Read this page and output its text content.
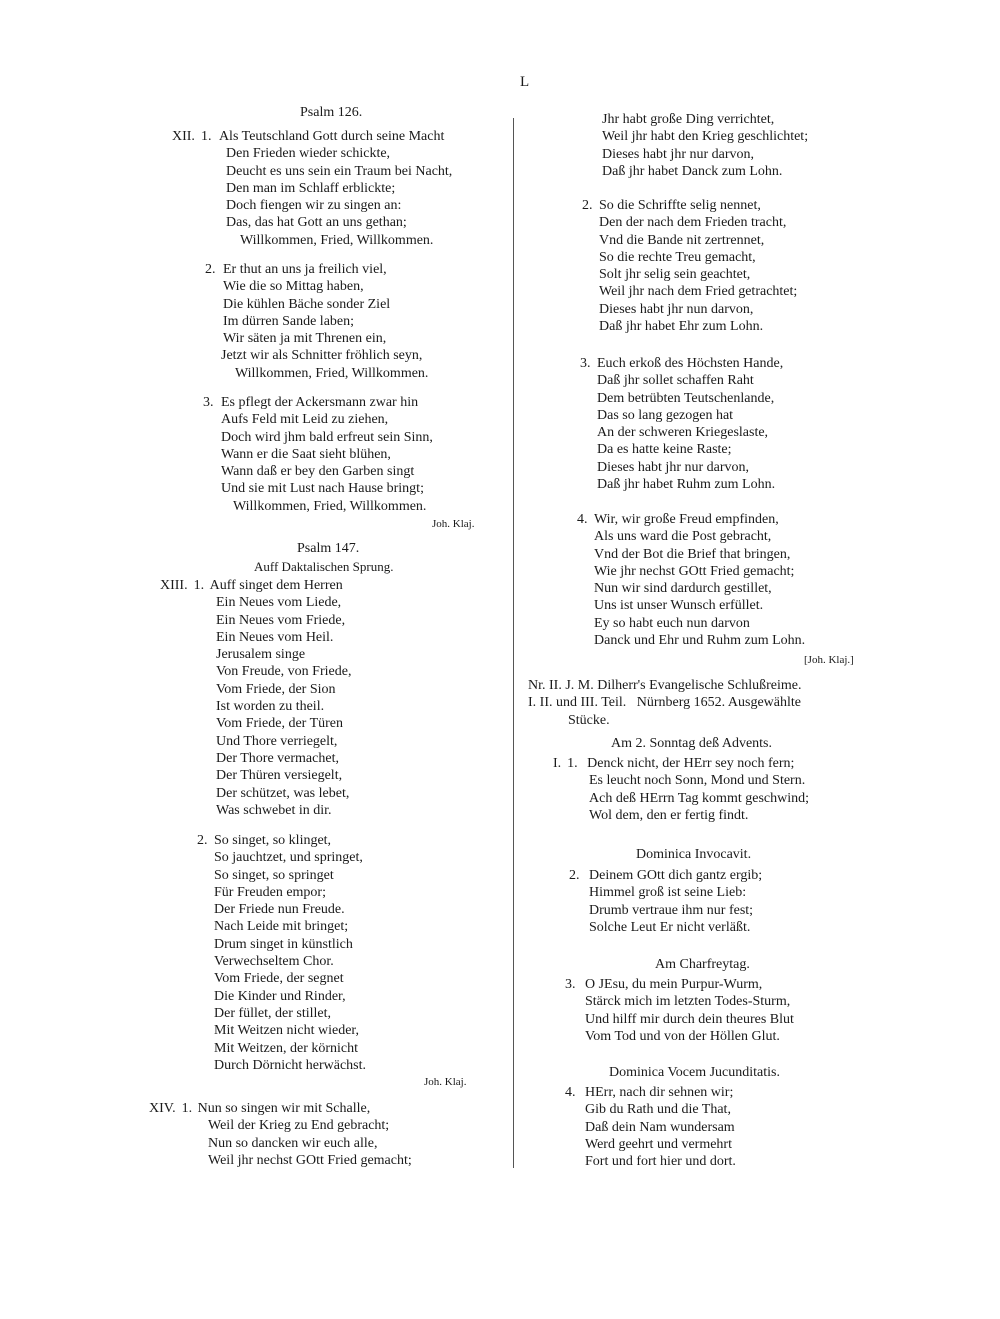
L
Psalm 126.
XII. 1. Als Teutschland Gott durch seine Macht
Den Frieden wieder schickte,
Deucht es uns sein ein Traum bei Nacht,
Den man im Schlaff erblickte;
Doch fiengen wir zu singen an:
Das, das hat Gott an uns gethan;
Willkommen, Fried, Willkommen.
2. Er thut an uns ja freilich viel,
Wie die so Mittag haben,
Die kühlen Bäche sonder Ziel
Im dürren Sande laben;
Wir säten ja mit Threnen ein,
Jetzt wir als Schnitter fröhlich seyn,
Willkommen, Fried, Willkommen.
3. Es pflegt der Ackersmann zwar hin
Aufs Feld mit Leid zu ziehen,
Doch wird jhm bald erfreut sein Sinn,
Wann er die Saat sieht blühen,
Wann daß er bey den Garben singt
Und sie mit Lust nach Hause bringt;
Willkommen, Fried, Willkommen.
Joh. Klaj.
Psalm 147.
Auff Daktalischen Sprung.
XIII. 1. Auff singet dem Herren
Ein Neues vom Liede,
Ein Neues vom Friede,
Ein Neues vom Heil.
Jerusalem singe
Von Freude, von Friede,
Vom Friede, der Sion
Ist worden zu theil.
Vom Friede, der Türen
Und Thore verriegelt,
Der Thore vermachet,
Der Thüren versiegelt,
Der schützet, was lebet,
Was schwebet in dir.
2. So singet, so klinget,
So jauchtzet, und springet,
So singet, so springet
Für Freuden empor;
Der Friede nun Freude.
Nach Leide mit bringet;
Drum singet in künstlich
Verwechseltem Chor.
Vom Friede, der segnet
Die Kinder und Rinder,
Der füllet, der stillet,
Mit Weitzen nicht wieder,
Mit Weitzen, der körnicht
Durch Dörnicht herwächst.
Joh. Klaj.
XIV. 1. Nun so singen wir mit Schalle,
Weil der Krieg zu End gebracht;
Nun so dancken wir euch alle,
Weil jhr nechst GOtt Fried gemacht;
Jhr habt große Ding verrichtet,
Weil jhr habt den Krieg geschlichtet;
Dieses habt jhr nur darvon,
Daß jhr habet Danck zum Lohn.
2. So die Schriffte selig nennet,
Den der nach dem Frieden tracht,
Vnd die Bande nit zertrennet,
So die rechte Treu gemacht,
Solt jhr selig sein geachtet,
Weil jhr nach dem Fried getrachtet;
Dieses habt jhr nun darvon,
Daß jhr habet Ehr zum Lohn.
3. Euch erkoß des Höchsten Hande,
Daß jhr sollet schaffen Raht
Dem betrübten Teutschenlande,
Das so lang gezogen hat
An der schweren Kriegeslaste,
Da es hatte keine Raste;
Dieses habt jhr nur darvon,
Daß jhr habet Ruhm zum Lohn.
4. Wir, wir große Freud empfinden,
Als uns ward die Post gebracht,
Vnd der Bot die Brief that bringen,
Wie jhr nechst GOtt Fried gemacht;
Nun wir sind dardurch gestillet,
Uns ist unser Wunsch erfüllet.
Ey so habt euch nun darvon
Danck und Ehr und Ruhm zum Lohn.
[Joh. Klaj.]
Nr. II. J. M. Dilherr's Evangelische Schlußreime.
I. II. und III. Teil.   Nürnberg 1652. Ausgewählte
Stücke.
Am 2. Sonntag deß Advents.
I. 1. Denck nicht, der HErr sey noch fern;
Es leucht noch Sonn, Mond und Stern.
Ach deß HErrn Tag kommt geschwind;
Wol dem, den er fertig findt.
Dominica Invocavit.
2. Deinem GOtt dich gantz ergib;
Himmel groß ist seine Lieb:
Drumb vertraue ihm nur fest;
Solche Leut Er nicht verläßt.
Am Charfreytag.
3. O JEsu, du mein Purpur-Wurm,
Stärck mich im letzten Todes-Sturm,
Und hilff mir durch dein theures Blut
Vom Tod und von der Höllen Glut.
Dominica Vocem Jucunditatis.
4. HErr, nach dir sehnen wir;
Gib du Rath und die That,
Daß dein Nam wundersam
Werd geehrt und vermehrt
Fort und fort hier und dort.
